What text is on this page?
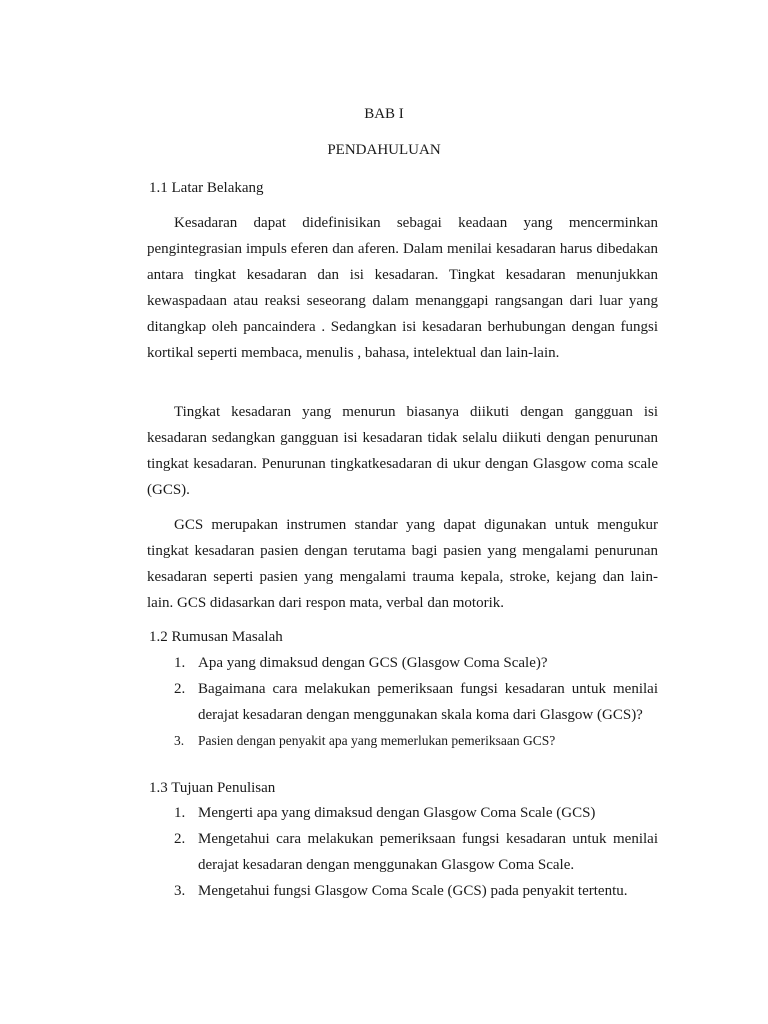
BAB I
PENDAHULUAN
1.1 Latar Belakang

Kesadaran dapat didefinisikan sebagai keadaan yang mencerminkan pengintegrasian impuls eferen dan aferen. Dalam menilai kesadaran harus dibedakan antara tingkat kesadaran dan isi kesadaran. Tingkat kesadaran menunjukkan kewaspadaan atau reaksi seseorang dalam menanggapi rangsangan dari luar yang ditangkap oleh pancaindera . Sedangkan isi kesadaran berhubungan dengan fungsi kortikal seperti membaca, menulis , bahasa, intelektual dan lain-lain.

Tingkat kesadaran yang menurun biasanya diikuti dengan gangguan isi kesadaran sedangkan gangguan isi kesadaran tidak selalu diikuti dengan penurunan tingkat kesadaran. Penurunan tingkatkesadaran di ukur dengan Glasgow coma scale (GCS).

GCS merupakan instrumen standar yang dapat digunakan untuk mengukur tingkat kesadaran pasien dengan terutama bagi pasien yang mengalami penurunan kesadaran seperti pasien yang mengalami trauma kepala, stroke, kejang dan lain-lain. GCS didasarkan dari respon mata, verbal dan motorik.

1.2 Rumusan Masalah
1. Apa yang dimaksud dengan GCS (Glasgow Coma Scale)?
2. Bagaimana cara melakukan pemeriksaan fungsi kesadaran untuk menilai derajat kesadaran dengan menggunakan skala koma dari Glasgow (GCS)?
3. Pasien dengan penyakit apa yang memerlukan pemeriksaan GCS?
1.3 Tujuan Penulisan
1. Mengerti apa yang dimaksud dengan Glasgow Coma Scale (GCS)
2. Mengetahui cara melakukan pemeriksaan fungsi kesadaran untuk menilai derajat kesadaran dengan menggunakan Glasgow Coma Scale.
3. Mengetahui fungsi Glasgow Coma Scale (GCS) pada penyakit tertentu.
